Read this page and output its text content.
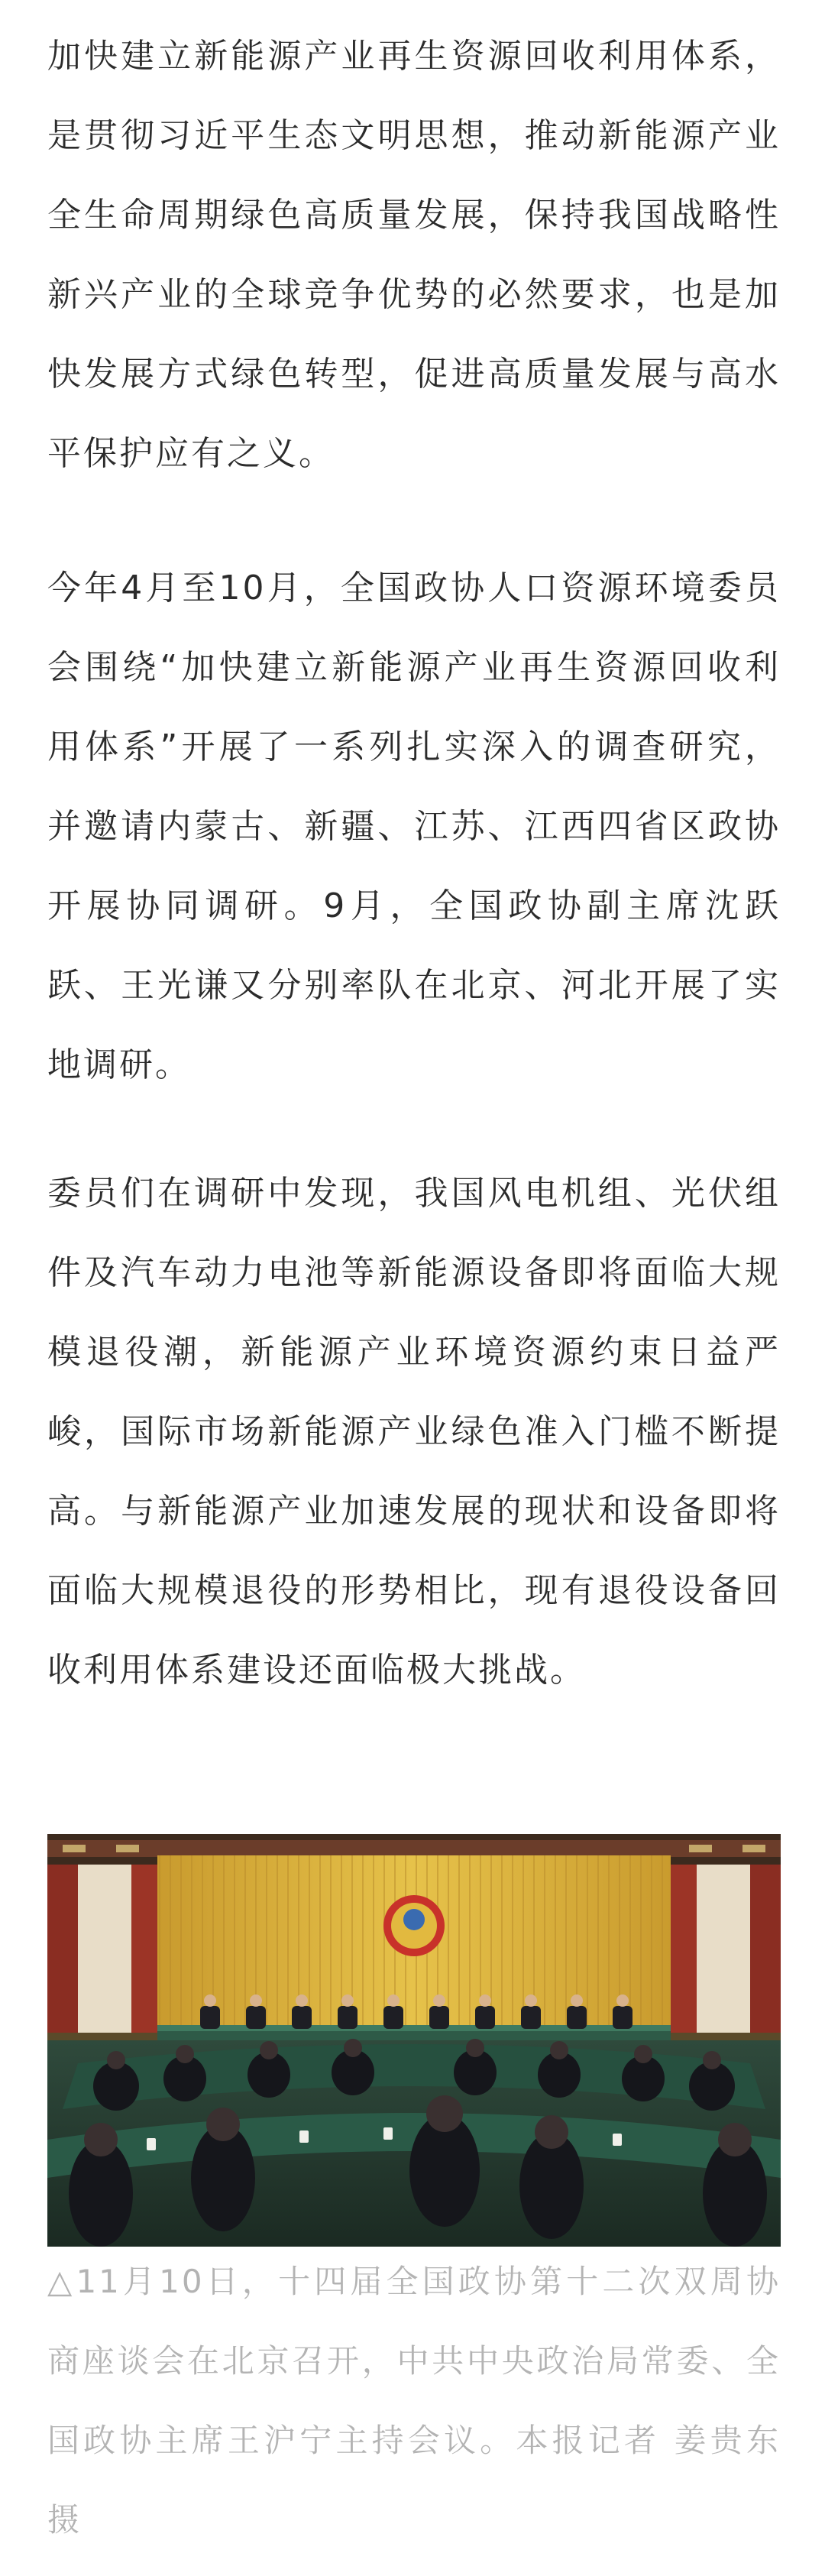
加快建立新能源产业再生资源回收利用体系，是贯彻习近平生态文明思想，推动新能源产业全生命周期绿色高质量发展，保持我国战略性新兴产业的全球竞争优势的必然要求，也是加快发展方式绿色转型，促进高质量发展与高水平保护应有之义。

今年4月至10月，全国政协人口资源环境委员会围绕“加快建立新能源产业再生资源回收利用体系”开展了一系列扎实深入的调查研究，并邀请内蒙古、新疆、江苏、江西四省区政协开展协同调研。9月，全国政协副主席沈跃跃、王光谦又分别率队在北京、河北开展了实地调研。

委员们在调研中发现，我国风电机组、光伏组件及汽车动力电池等新能源设备即将面临大规模退役潮，新能源产业环境资源约束日益严峻，国际市场新能源产业绿色准入门槛不断提高。与新能源产业加速发展的现状和设备即将面临大规模退役的形势相比，现有退役设备回收利用体系建设还面临极大挑战。

△11月10日，十四届全国政协第十二次双周协商座谈会在北京召开，中共中央政治局常委、全国政协主席王沪宁主持会议。本报记者 姜贵东 摄
